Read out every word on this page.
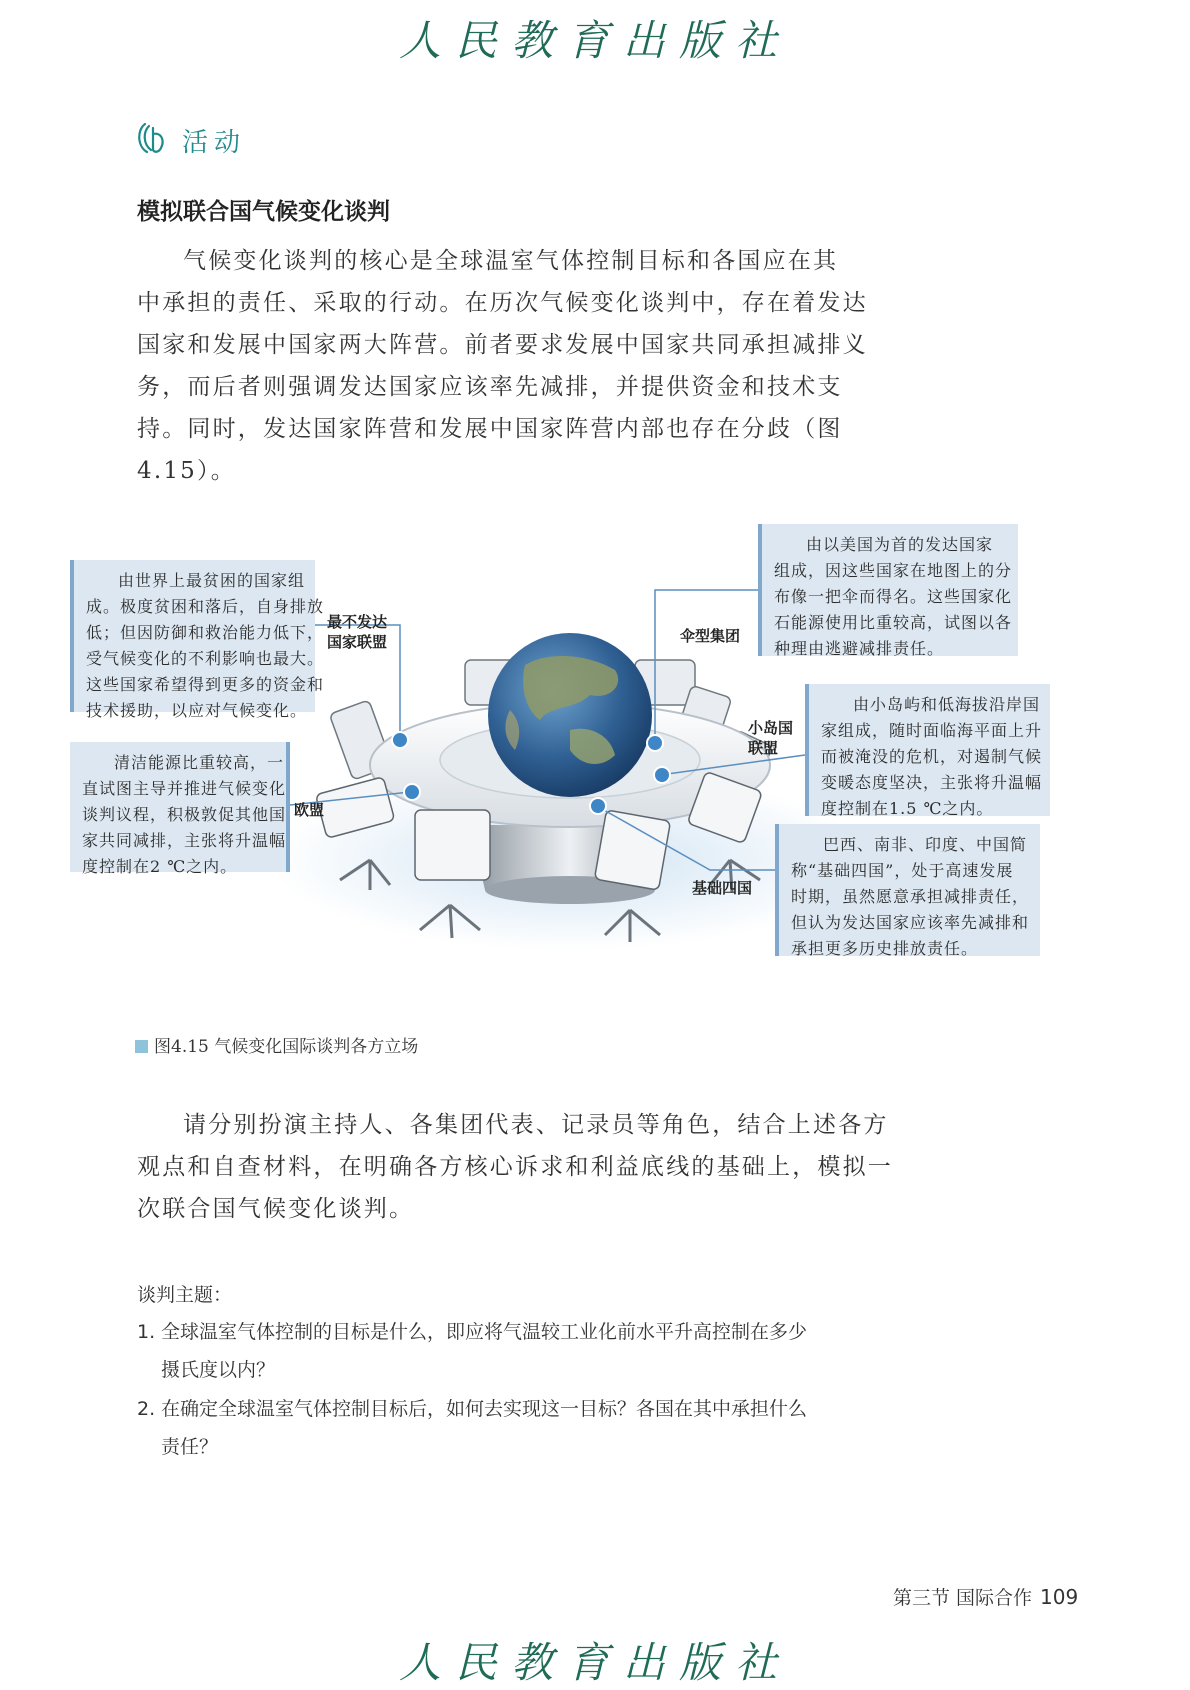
人民教育出版社
活动
模拟联合国气候变化谈判
气候变化谈判的核心是全球温室气体控制目标和各国应在其
中承担的责任、采取的行动。在历次气候变化谈判中，存在着发达
国家和发展中国家两大阵营。前者要求发展中国家共同承担减排义
务，而后者则强调发达国家应该率先减排，并提供资金和技术支
持。同时，发达国家阵营和发展中国家阵营内部也存在分歧（图
4.15）。
由世界上最贫困的国家组
成。极度贫困和落后，自身排放
低；但因防御和救治能力低下，
受气候变化的不利影响也最大。
这些国家希望得到更多的资金和
技术援助，以应对气候变化。
最不发达
国家联盟
清洁能源比重较高，一
直试图主导并推进气候变化
谈判议程，积极敦促其他国
家共同减排，主张将升温幅
度控制在2 ℃之内。
欧盟
由以美国为首的发达国家
组成，因这些国家在地图上的分
布像一把伞而得名。这些国家化
石能源使用比重较高，试图以各
种理由逃避减排责任。
伞型集团
由小岛屿和低海拔沿岸国
家组成，随时面临海平面上升
而被淹没的危机，对遏制气候
变暖态度坚决，主张将升温幅
度控制在1.5 ℃之内。
小岛国
联盟
巴西、南非、印度、中国简
称“基础四国”，处于高速发展
时期，虽然愿意承担减排责任，
但认为发达国家应该率先减排和
承担更多历史排放责任。
基础四国
图4.15 气候变化国际谈判各方立场
请分别扮演主持人、各集团代表、记录员等角色，结合上述各方
观点和自查材料，在明确各方核心诉求和利益底线的基础上，模拟一
次联合国气候变化谈判。
谈判主题：
1. 全球温室气体控制的目标是什么，即应将气温较工业化前水平升高控制在多少
摄氏度以内？
2. 在确定全球温室气体控制目标后，如何去实现这一目标？各国在其中承担什么
责任？
第三节 国际合作 109
人民教育出版社
